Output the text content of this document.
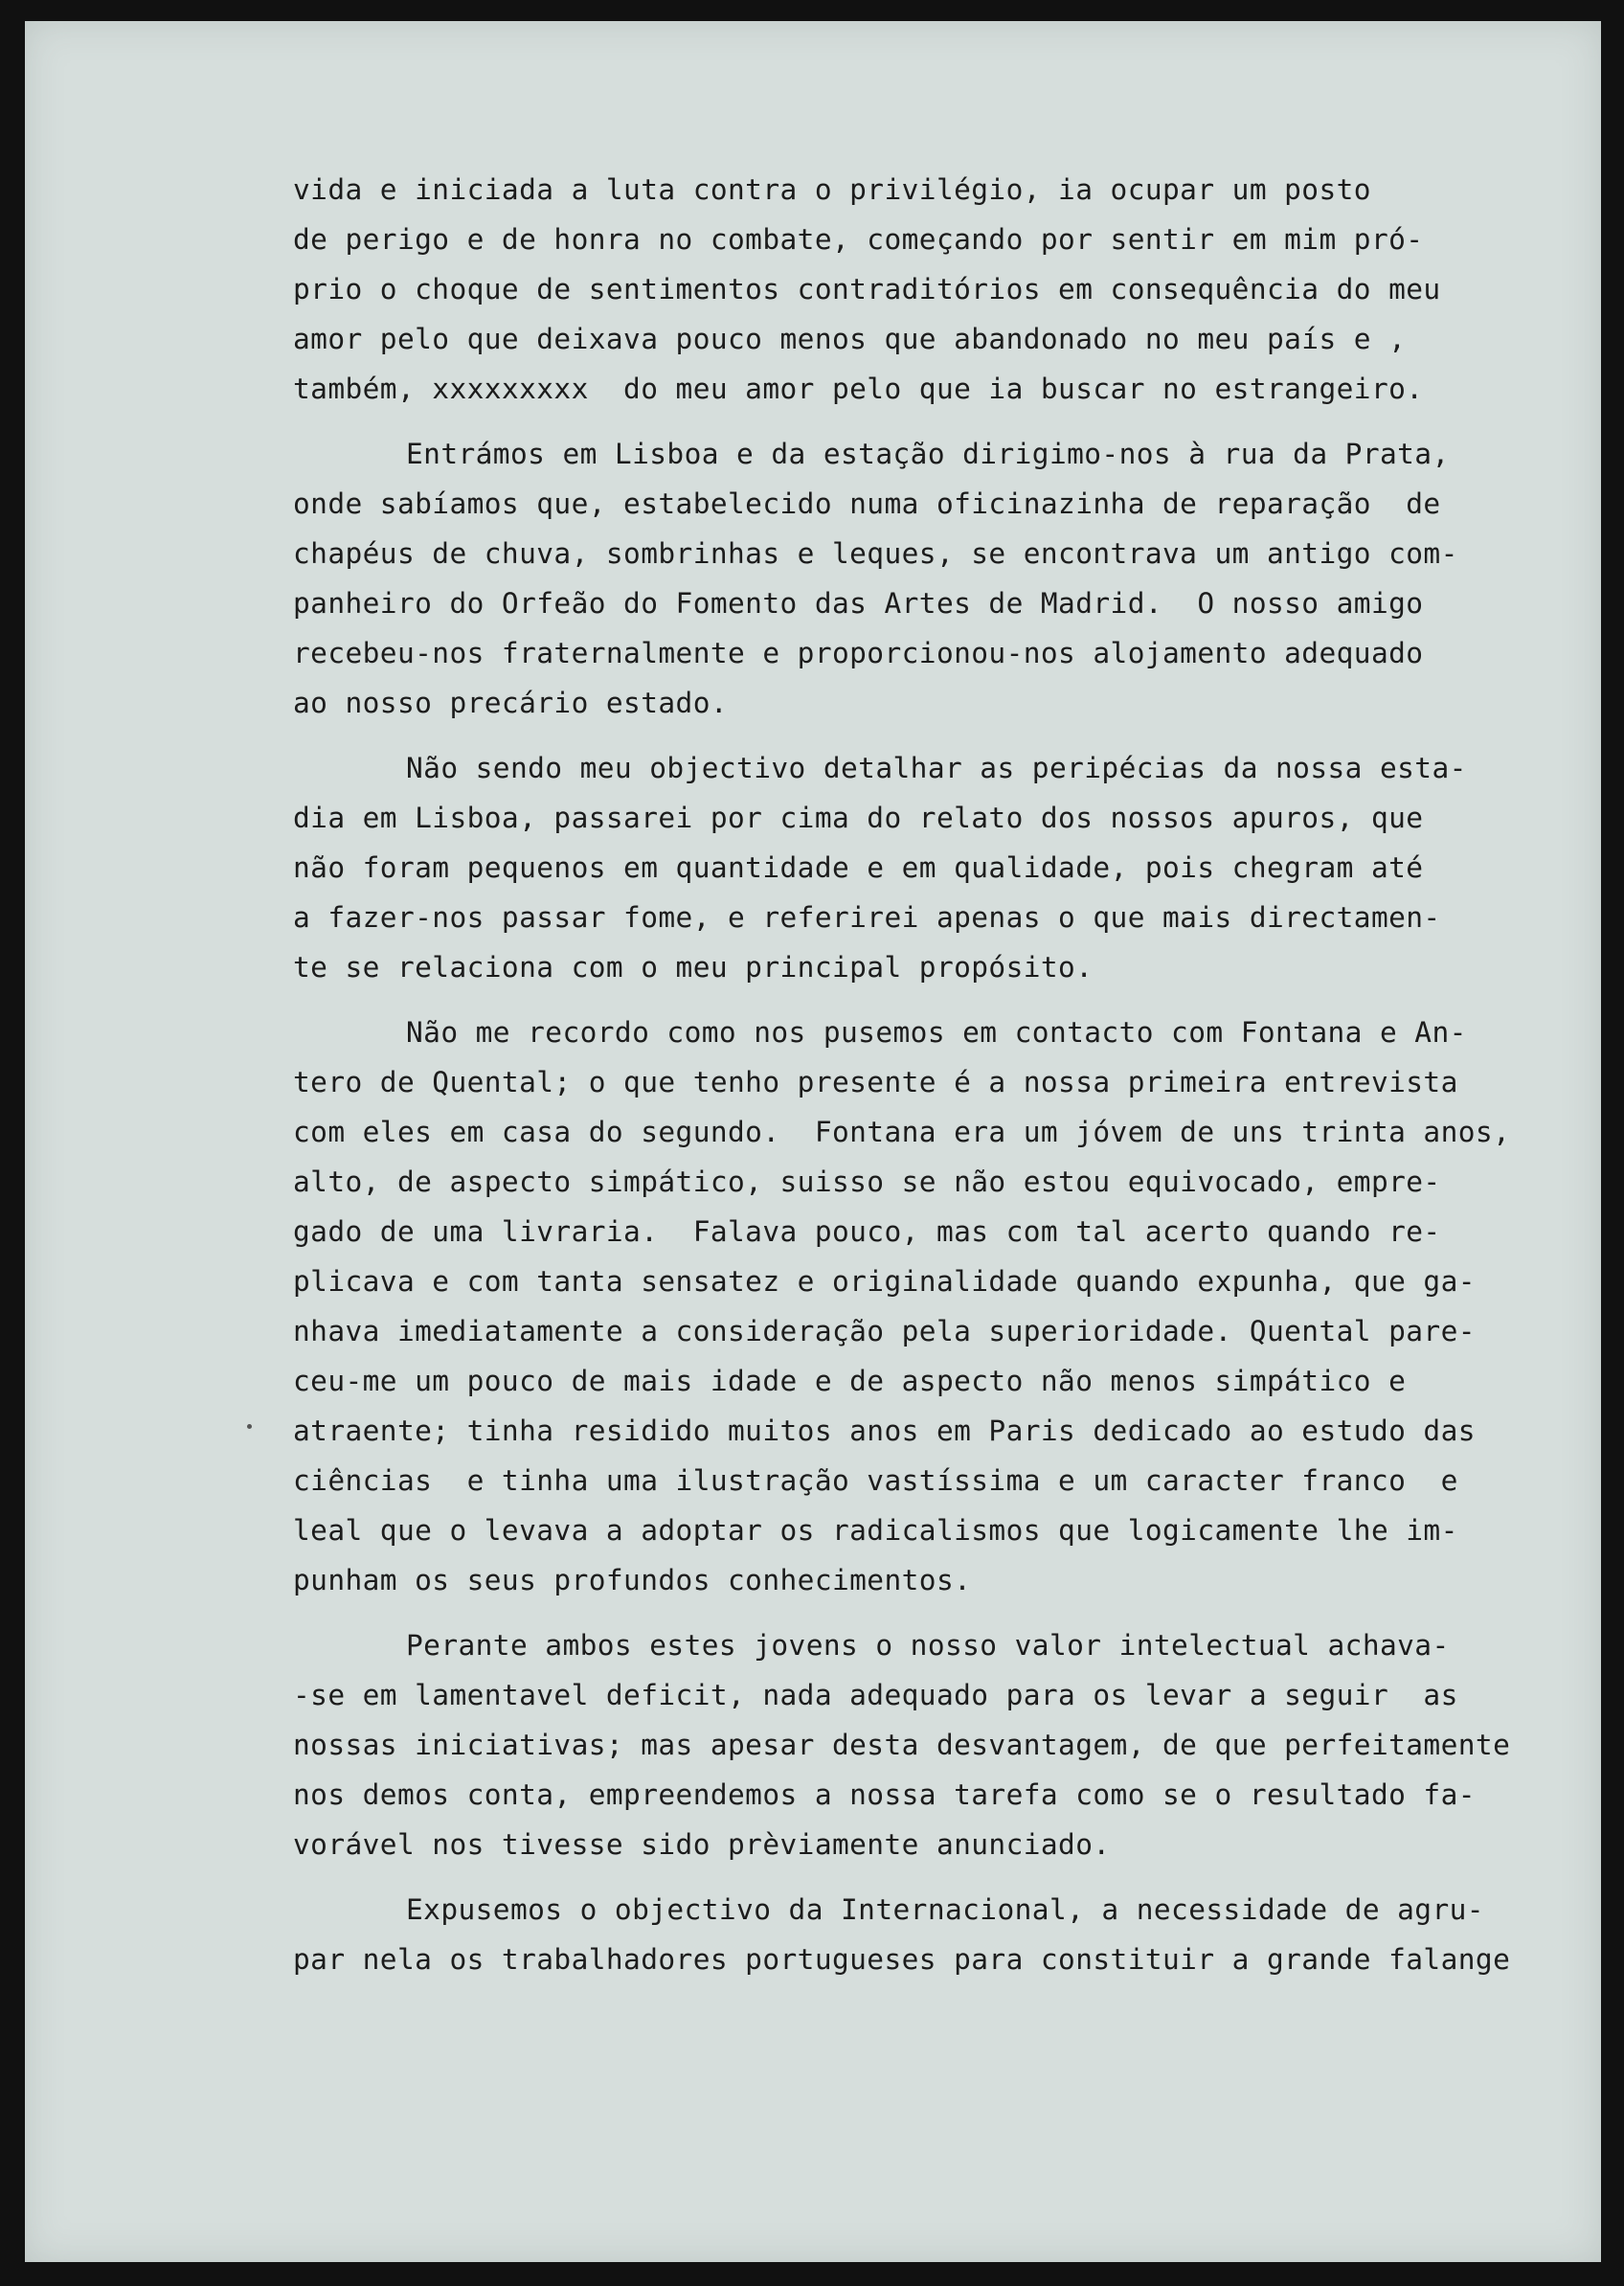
vida e iniciada a luta contra o privilégio, ia ocupar um posto
de perigo e de honra no combate, começando por sentir em mim pró-
prio o choque de sentimentos contraditórios em consequência do meu
amor pelo que deixava pouco menos que abandonado no meu país e ,
também, xxxxxxxxx  do meu amor pelo que ia buscar no estrangeiro.
Entrámos em Lisboa e da estação dirigimo-nos à rua da Prata,
onde sabíamos que, estabelecido numa oficinazinha de reparação  de
chapéus de chuva, sombrinhas e leques, se encontrava um antigo com-
panheiro do Orfeão do Fomento das Artes de Madrid.  O nosso amigo
recebeu-nos fraternalmente e proporcionou-nos alojamento adequado
ao nosso precário estado.
Não sendo meu objectivo detalhar as peripécias da nossa esta-
dia em Lisboa, passarei por cima do relato dos nossos apuros, que
não foram pequenos em quantidade e em qualidade, pois chegram até
a fazer-nos passar fome, e referirei apenas o que mais directamen-
te se relaciona com o meu principal propósito.
Não me recordo como nos pusemos em contacto com Fontana e An-
tero de Quental; o que tenho presente é a nossa primeira entrevista
com eles em casa do segundo.  Fontana era um jóvem de uns trinta anos,
alto, de aspecto simpático, suisso se não estou equivocado, empre-
gado de uma livraria.  Falava pouco, mas com tal acerto quando re-
plicava e com tanta sensatez e originalidade quando expunha, que ga-
nhava imediatamente a consideração pela superioridade. Quental pare-
ceu-me um pouco de mais idade e de aspecto não menos simpático e
atraente; tinha residido muitos anos em Paris dedicado ao estudo das
ciências  e tinha uma ilustração vastíssima e um caracter franco  e
leal que o levava a adoptar os radicalismos que logicamente lhe im-
punham os seus profundos conhecimentos.
Perante ambos estes jovens o nosso valor intelectual achava-
-se em lamentavel deficit, nada adequado para os levar a seguir  as
nossas iniciativas; mas apesar desta desvantagem, de que perfeitamente
nos demos conta, empreendemos a nossa tarefa como se o resultado fa-
vorável nos tivesse sido prèviamente anunciado.
Expusemos o objectivo da Internacional, a necessidade de agru-
par nela os trabalhadores portugueses para constituir a grande falange
